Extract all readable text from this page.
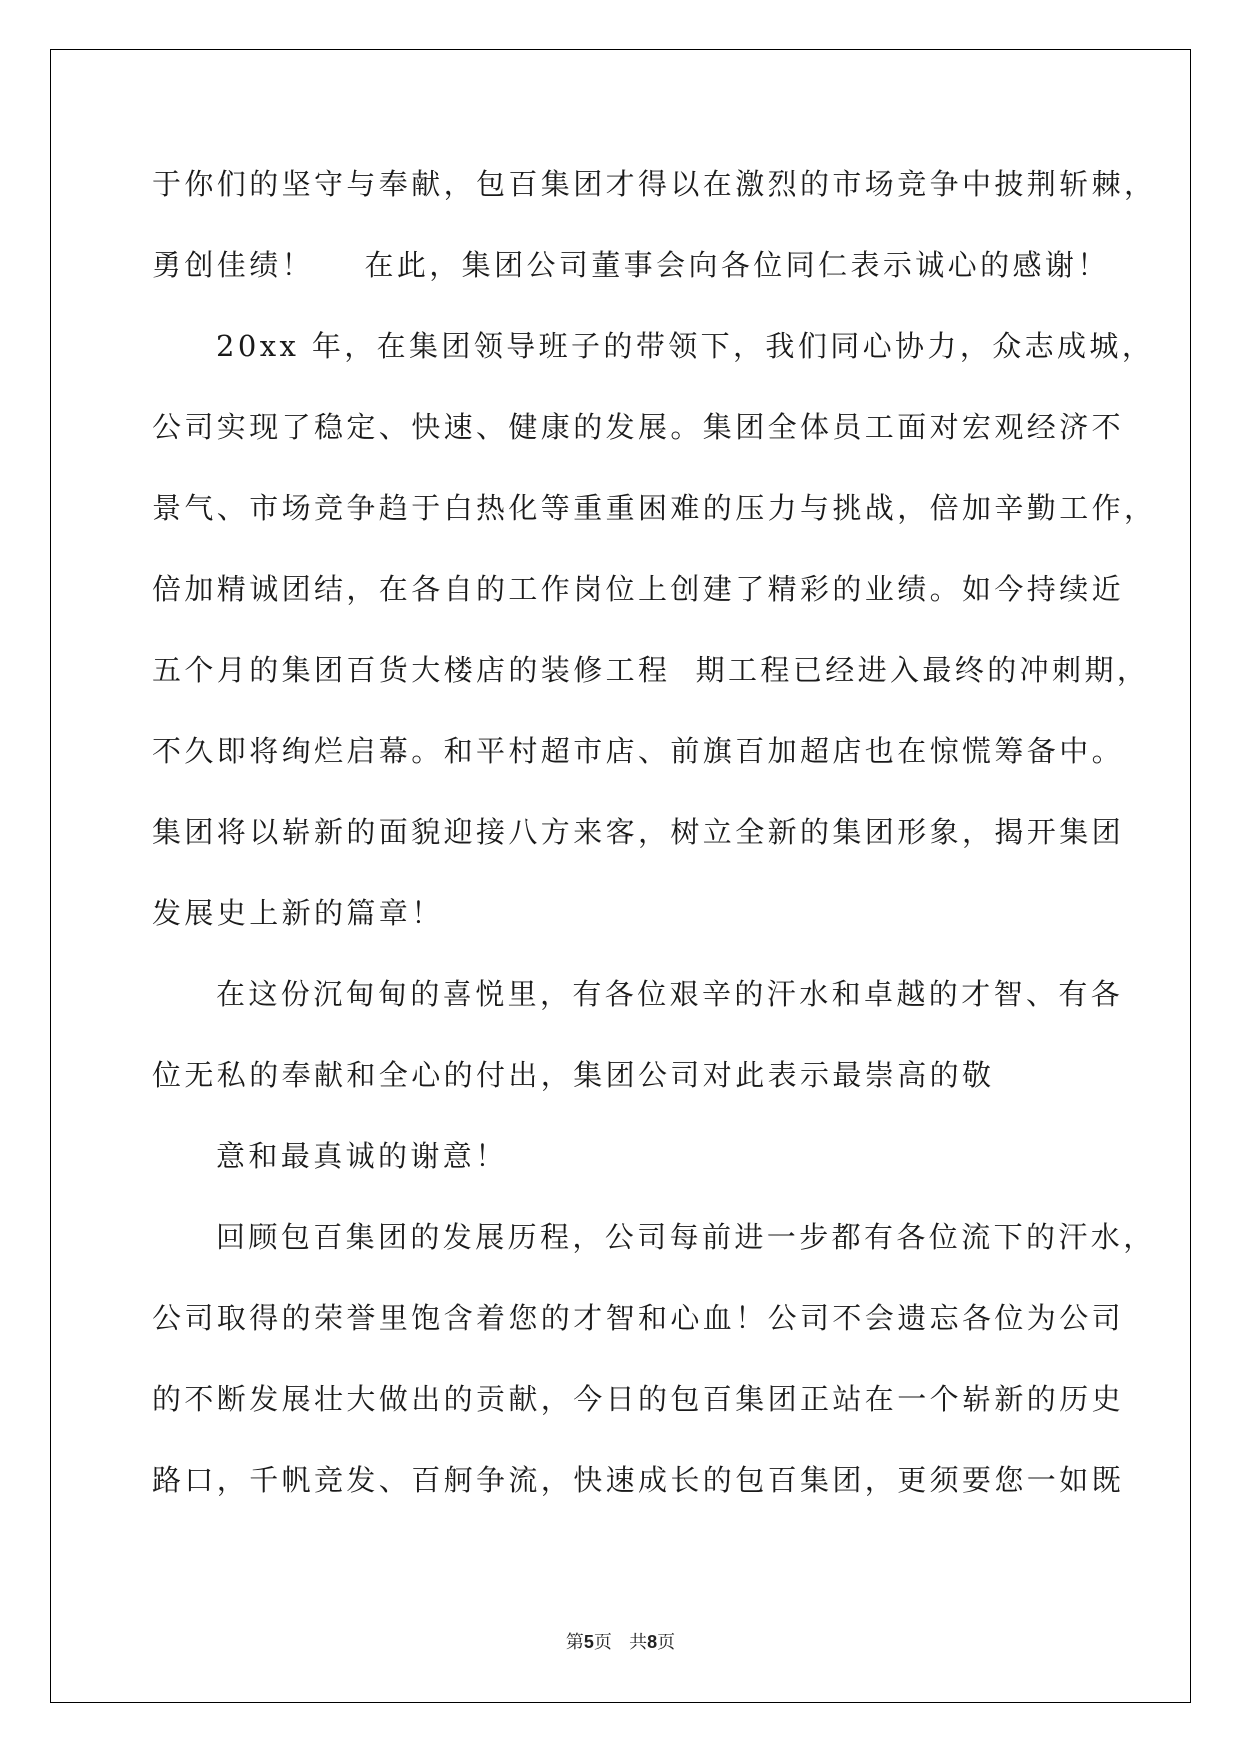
于你们的坚守与奉献，包百集团才得以在激烈的市场竞争中披荆斩棘，
勇创佳绩！    在此，集团公司董事会向各位同仁表示诚心的感谢！
20xx 年，在集团领导班子的带领下，我们同心协力，众志成城，
公司实现了稳定、快速、健康的发展。集团全体员工面对宏观经济不
景气、市场竞争趋于白热化等重重困难的压力与挑战，倍加辛勤工作，
倍加精诚团结，在各自的工作岗位上创建了精彩的业绩。如今持续近
五个月的集团百货大楼店的装修工程  期工程已经进入最终的冲刺期，
不久即将绚烂启幕。和平村超市店、前旗百加超店也在惊慌筹备中。
集团将以崭新的面貌迎接八方来客，树立全新的集团形象，揭开集团
发展史上新的篇章！
在这份沉甸甸的喜悦里，有各位艰辛的汗水和卓越的才智、有各
位无私的奉献和全心的付出，集团公司对此表示最崇高的敬
意和最真诚的谢意！
回顾包百集团的发展历程，公司每前进一步都有各位流下的汗水，
公司取得的荣誉里饱含着您的才智和心血！公司不会遗忘各位为公司
的不断发展壮大做出的贡献，今日的包百集团正站在一个崭新的历史
路口，千帆竞发、百舸争流，快速成长的包百集团，更须要您一如既
第5页 共8页
